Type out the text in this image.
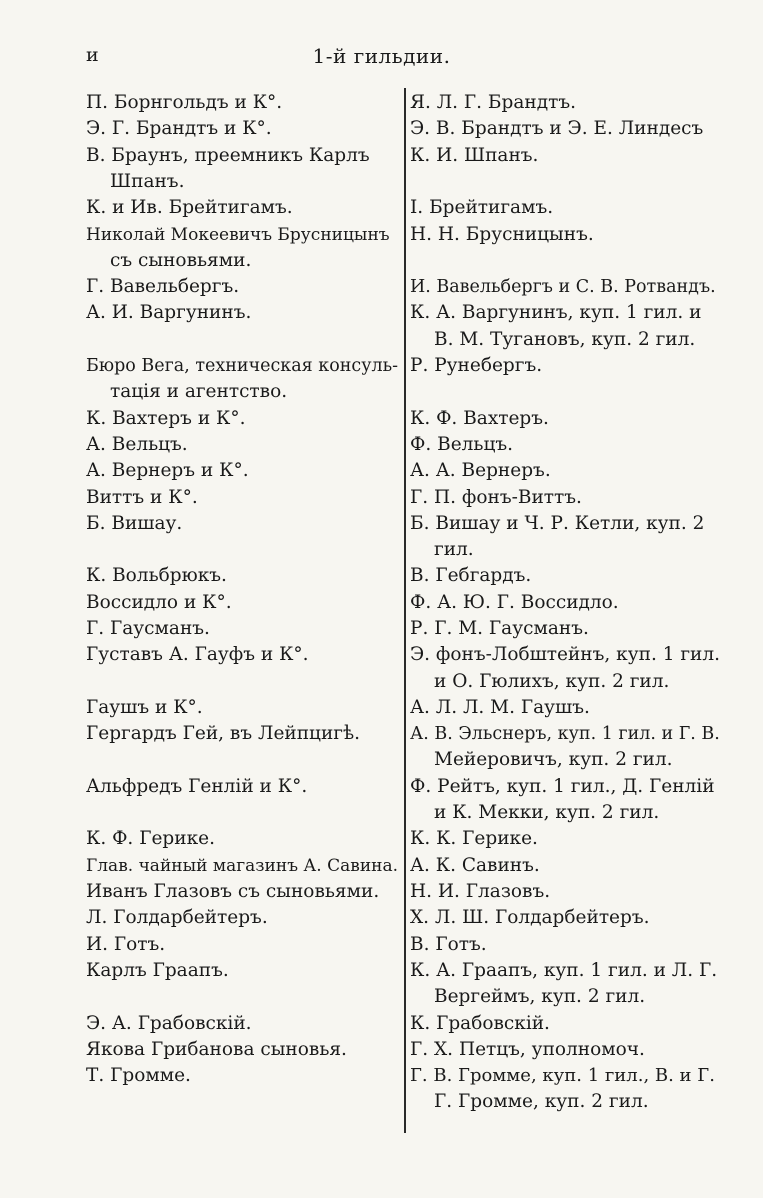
и	1-й гильдии.
П. Борнгольдъ и К°.
Э. Г. Брандтъ и К°.
В. Браунъ, преемникъ Карлъ
Шпанъ.
К. и Ив. Брейтигамъ.
Николай Мокеевичъ Брусницынъ
съ сыновьями.
Г. Вавельбергъ.
А. И. Варгунинъ.
Бюро Вега, техническая консуль-
тація и агентство.
К. Вахтеръ и К°.
А. Вельцъ.
А. Вернеръ и К°.
Виттъ и К°.
Б. Вишау.
К. Вольбрюкъ.
Воссидло и К°.
Г. Гаусманъ.
Густавъ А. Гауфъ и К°.
Гаушъ и К°.
Гергардъ Гей, въ Лейпцигѣ.
Альфредъ Генлій и К°.
К. Ф. Герике.
Глав. чайный магазинъ А. Савина.
Иванъ Глазовъ съ сыновьями.
Л. Голдарбейтеръ.
И. Готъ.
Карлъ Граапъ.
Э. А. Грабовскій.
Якова Грибанова сыновья.
Т. Громме.
Я. Л. Г. Брандтъ.
Э. В. Брандтъ и Э. Е. Линдесъ
К. И. Шпанъ.
I. Брейтигамъ.
Н. Н. Брусницынъ.
И. Вавельбергъ и С. В. Ротвандъ.
К. А. Варгунинъ, куп. 1 гил. и
В. М. Тугановъ, куп. 2 гил.
Р. Рунебергъ.
К. Ф. Вахтеръ.
Ф. Вельцъ.
А. А. Вернеръ.
Г. П. фонъ-Виттъ.
Б. Вишау и Ч. Р. Кетли, куп. 2
гил.
В. Гебгардъ.
Ф. А. Ю. Г. Воссидло.
Р. Г. М. Гаусманъ.
Э. фонъ-Лобштейнъ, куп. 1 гил.
и О. Гюлихъ, куп. 2 гил.
А. Л. Л. М. Гаушъ.
А. В. Эльснеръ, куп. 1 гил. и Г. В.
Мейеровичъ, куп. 2 гил.
Ф. Рейтъ, куп. 1 гил., Д. Генлій
и К. Мекки, куп. 2 гил.
К. К. Герике.
А. К. Савинъ.
Н. И. Глазовъ.
Х. Л. Ш. Голдарбейтеръ.
В. Готъ.
К. А. Граапъ, куп. 1 гил. и Л. Г.
Вергеймъ, куп. 2 гил.
К. Грабовскій.
Г. Х. Петцъ, уполномоч.
Г. В. Громме, куп. 1 гил., В. и Г.
Г. Громме, куп. 2 гил.
